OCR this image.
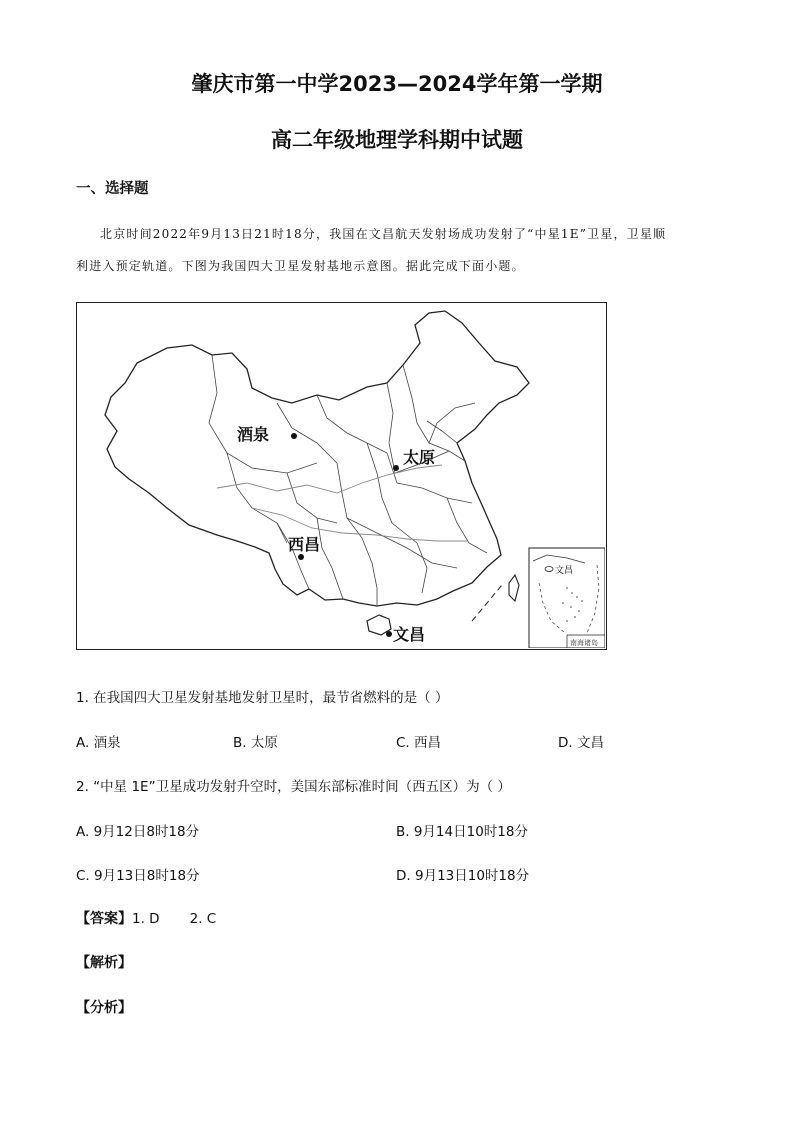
肇庆市第一中学2023—2024学年第一学期
高二年级地理学科期中试题
一、选择题
北京时间2022年9月13日21时18分，我国在文昌航天发射场成功发射了“中星1E”卫星，卫星顺
利进入预定轨道。下图为我国四大卫星发射基地示意图。据此完成下面小题。
酒泉
太原
西昌
文昌
文昌
南海诸岛
1. 在我国四大卫星发射基地发射卫星时，最节省燃料的是（ ）
A. 酒泉	B. 太原	C. 西昌	D. 文昌
2. “中星 1E”卫星成功发射升空时，美国东部标准时间（西五区）为（ ）
A. 9月12日8时18分	B. 9月14日10时18分
C. 9月13日8时18分	D. 9月13日10时18分
【答案】1. D       2. C
【解析】
【分析】
